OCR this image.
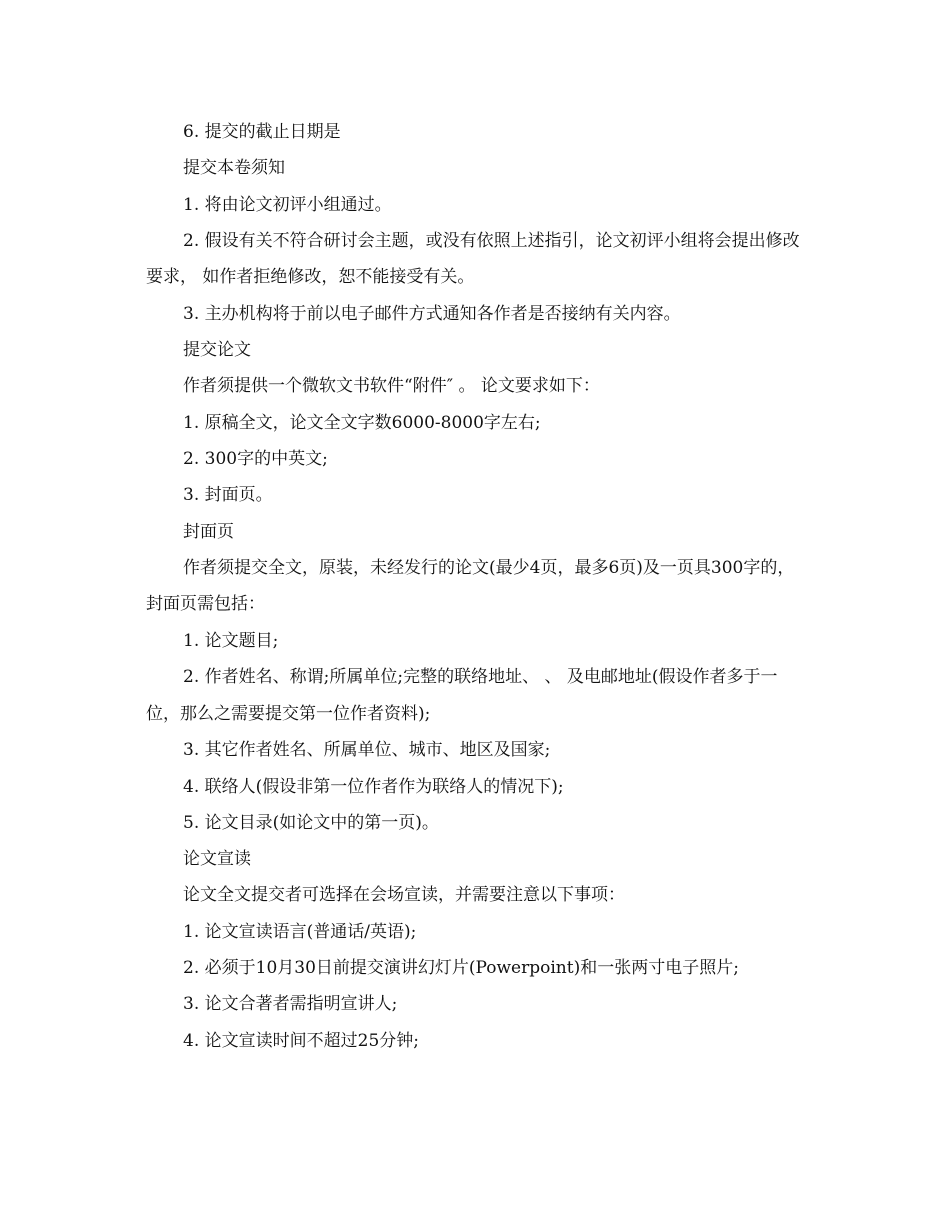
6. 提交的截止日期是

提交本卷须知

1. 将由论文初评小组通过。

2. 假设有关不符合研讨会主题，或没有依照上述指引，论文初评小组将会提出修改要求， 如作者拒绝修改，恕不能接受有关。

3. 主办机构将于前以电子邮件方式通知各作者是否接纳有关内容。

提交论文

作者须提供一个微软文书软件“附件″ 。 论文要求如下：

1. 原稿全文，论文全文字数6000-8000字左右;

2. 300字的中英文;

3. 封面页。

封面页

作者须提交全文，原装，未经发行的论文(最少4页，最多6页)及一页具300字的，封面页需包括：

1. 论文题目;

2. 作者姓名、称谓;所属单位;完整的联络地址、 、 及电邮地址(假设作者多于一位，那么之需要提交第一位作者资料);

3. 其它作者姓名、所属单位、城市、地区及国家;

4. 联络人(假设非第一位作者作为联络人的情况下);

5. 论文目录(如论文中的第一页)。

论文宣读

论文全文提交者可选择在会场宣读，并需要注意以下事项：

1. 论文宣读语言(普通话/英语);

2. 必须于10月30日前提交演讲幻灯片(Powerpoint)和一张两寸电子照片;

3. 论文合著者需指明宣讲人;

4. 论文宣读时间不超过25分钟;
